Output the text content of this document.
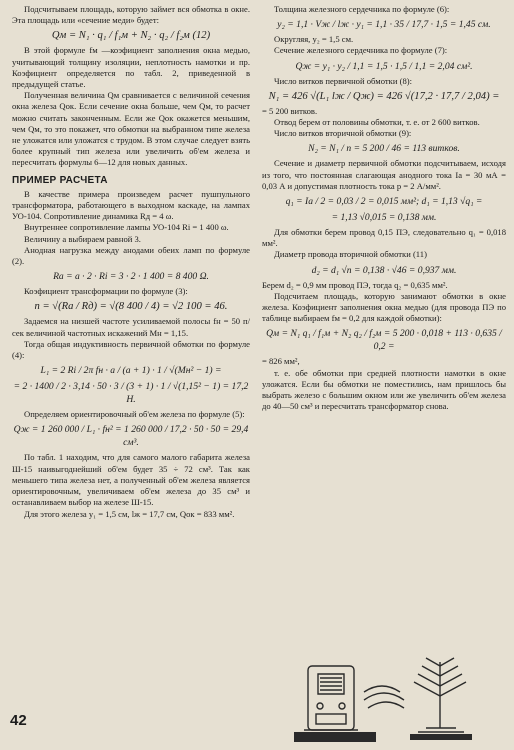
Подсчитываем площадь, которую займет вся обмотка в окне. Эта площадь или «сечение меди» будет:

Qм = N₁ · q₁ / f₁м + N₂ · q₂ / f₂м (12)

В этой формуле fм —коэфициент заполнения окна медью, учитывающий толщину изоляции, неплотность намотки и пр. Коэфициент определяется по табл. 2, приведенной в предыдущей статье.

Полученная величина Qм сравнивается с величиной сечения окна железа Qок. Если сечение окна больше, чем Qм, то расчет можно считать законченным. Если же Qок окажется меньшим, чем Qм, то это покажет, что обмотки на выбранном типе железа не уложатся или уложатся с трудом. В этом случае следует взять более крупный тип железа или увеличить об'ем железа и пересчитать формулы 6—12 для новых данных.

ПРИМЕР РАСЧЕТА

В качестве примера произведем расчет пушпульного трансформатора, работающего в выходном каскаде, на лампах УО-104. Сопротивление динамика Rд = 4 ω.

Внутреннее сопротивление лампы УО-104 Ri = 1 400 ω.

Величину a выбираем равной 3.

Анодная нагрузка между анодами обеих ламп по формуле (2).

Ra = a · 2 · Ri = 3 · 2 · 1 400 = 8 400 Ω.

Коэфициент трансформации по формуле (3):

n = √(Ra / Rд) = √(8 400 / 4) = √2 100 = 46.

Задаемся на низшей частоте усиливаемой полосы fн = 50 п/сек величиной частотных искажений Mн = 1,15.

Тогда общая индуктивность первичной обмотки по формуле (4):

L₁ = 2 Ri / 2π fн · a / (a + 1) · 1 / √(Mн² − 1) =
= 2 · 1400 / 2 · 3,14 · 50 · 3 / (3 + 1) · 1 / √(1,15² − 1) = 17,2 Н.

Определяем ориентировочный об'ем железа по формуле (5):

Qж = 1 260 000 / L₁ · fн² = 1 260 000 / 17,2 · 50 · 50 = 29,4 см³.

По табл. 1 находим, что для самого малого габарита железа Ш-15 наивыгоднейший об'ем будет 35 ÷ 72 см³. Так как меньшего типа железа нет, а полученный об'ем железа является ориентировочным, увеличиваем об'ем железа до 35 см³ и останавливаем выбор на железе Ш-15.

Для этого железа y₁ = 1,5 см, lж = 17,7 см, Qок = 833 мм².

Толщина железного сердечника по формуле (6):

y₂ = 1,1 · Vж / lж · y₁ = 1,1 · 35 / 17,7 · 1,5 = 1,45 см.

Округляя, y₂ = 1,5 см.

Сечение железного сердечника по формуле (7):

Qж = y₁ · y₂ / 1,1 = 1,5 · 1,5 / 1,1 = 2,04 см².

Число витков первичной обмотки (8):

N₁ = 426 √(L₁ lж / Qж) = 426 √(17,2 · 17,7 / 2,04) =

= 5 200 витков.

Отвод берем от половины обмотки, т. е. от 2 600 витков.

Число витков вторичной обмотки (9):

N₂ = N₁ / n = 5 200 / 46 = 113 витков.

Сечение и диаметр первичной обмотки подсчитываем, исходя из того, что постоянная слагающая анодного тока Iа = 30 мА = 0,03 А и допустимая плотность тока p = 2 А/мм².

q₁ = Iа / 2 = 0,03 / 2 = 0,015 мм²; d₁ = 1,13 √q₁ =
= 1,13 √0,015 = 0,138 мм.

Для обмотки берем провод 0,15 ПЭ, следовательно q₁ = 0,018 мм².

Диаметр провода вторичной обмотки (11)

d₂ = d₁ √n = 0,138 · √46 = 0,937 мм.

Берем d₂ = 0,9 мм провод ПЭ, тогда q₂ = 0,635 мм².

Подсчитаем площадь, которую занимают обмотки в окне железа. Коэфициент заполнения окна медью (для провода ПЭ по таблице выбираем fм = 0,2 для каждой обмотки):

Qм = N₁ q₁ / f₁м + N₂ q₂ / f₂м = 5 200 · 0,018 + 113 · 0,635 / 0,2 =

= 826 мм²,

т. е. обе обмотки при средней плотности намотки в окне уложатся. Если бы обмотки не поместились, нам пришлось бы выбрать железо с большим окном или же увеличить об'ем железа до 40—50 см³ и пересчитать трансформатор снова.

42
